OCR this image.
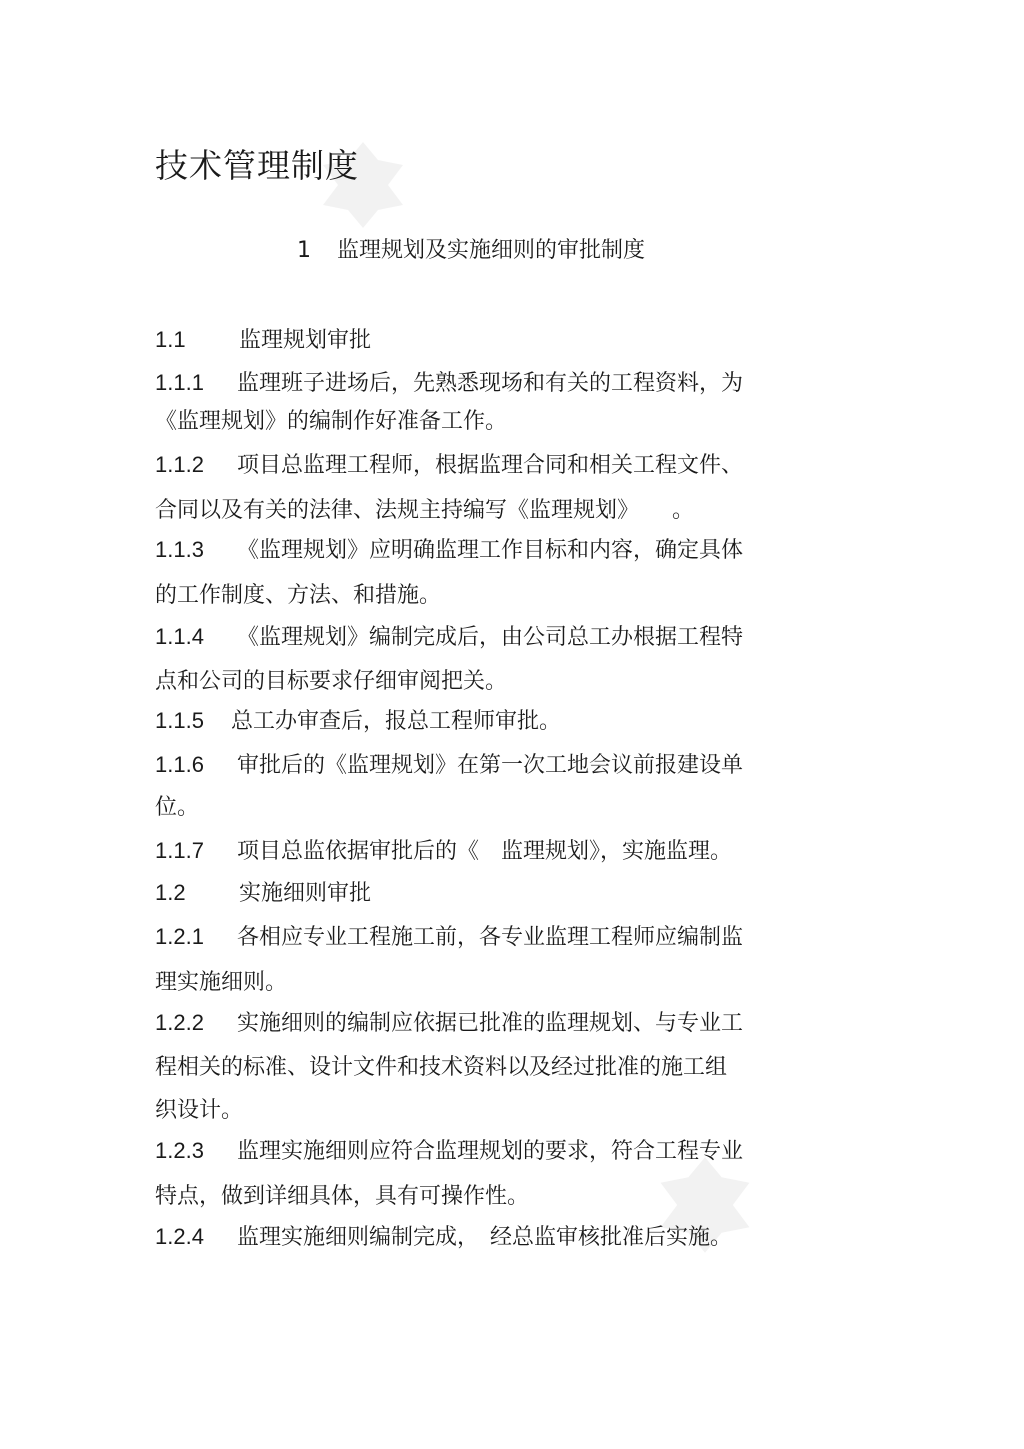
技术管理制度
1 监理规划及实施细则的审批制度
1.1 监理规划审批
1.1.1 监理班子进场后，先熟悉现场和有关的工程资料，为
《监理规划》的编制作好准备工作。
1.1.2 项目总监理工程师，根据监理合同和相关工程文件、
合同以及有关的法律、法规主持编写《监理规划》　　。
1.1.3 《监理规划》应明确监理工作目标和内容，确定具体
的工作制度、方法、和措施。
1.1.4 《监理规划》编制完成后，由公司总工办根据工程特
点和公司的目标要求仔细审阅把关。
1.1.5 总工办审查后，报总工程师审批。
1.1.6 审批后的《监理规划》在第一次工地会议前报建设单
位。
1.1.7 项目总监依据审批后的《　监理规划》，实施监理。
1.2 实施细则审批
1.2.1 各相应专业工程施工前，各专业监理工程师应编制监
理实施细则。
1.2.2 实施细则的编制应依据已批准的监理规划、与专业工
程相关的标准、设计文件和技术资料以及经过批准的施工组
织设计。
1.2.3 监理实施细则应符合监理规划的要求，符合工程专业
特点，做到详细具体，具有可操作性。
1.2.4 监理实施细则编制完成，　经总监审核批准后实施。
